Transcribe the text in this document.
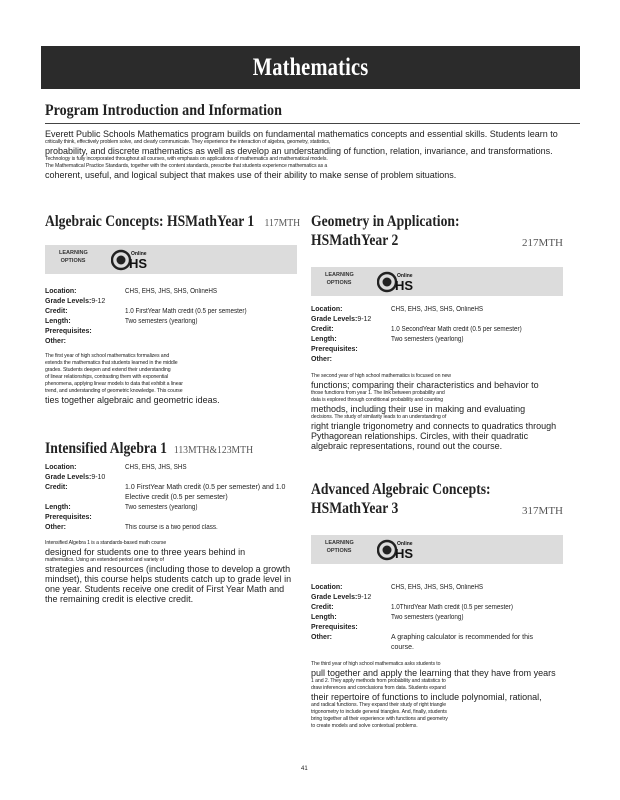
Mathematics
Program Introduction and Information
Everett Public Schools Mathematics program builds on fundamental mathematics concepts and essential skills. Students learn to
critically think, effectively problem solve, and clearly communicate. They experience the interaction of algebra, geometry, statistics,
probability, and discrete mathematics as well as develop an understanding of function, relation, invariance, and transformations.
Technology is fully incorporated throughout all courses, with emphasis on applications of mathematics and mathematical models.
The Mathematical Practice Standards, together with the content standards, prescribe that students experience mathematics as a
coherent, useful, and logical subject that makes use of their ability to make sense of problem situations.
Algebraic Concepts: HSMathYear 1 117MTH
LEARNING OPTIONS	HS
Online
Location:	CHS, EHS, JHS, SHS, OnlineHS
Grade Levels:9-12
Credit:	1.0 FirstYear Math credit (0.5 per semester)
Length:	Two semesters (yearlong)
Prerequisites:
Other:
The first year of high school mathematics formalizes and
extends the mathematics that students learned in the middle
grades. Students deepen and extend their understanding
of linear relationships, contrasting them with exponential
phenomena, applying linear models to data that exhibit a linear
trend, and understanding of geometric knowledge. This course
ties together algebraic and geometric ideas.
Intensified Algebra 1 113MTH&123MTH
Location:	CHS, EHS, JHS, SHS
Grade Levels:9-10
Credit:	1.0 FirstYear Math credit (0.5 per semester) and 1.0 Elective credit (0.5 per semester)
Length:	Two semesters (yearlong)
Prerequisites:
Other:	This course is a two period class.
Intensified Algebra 1 is a standards-based math course
designed for students one to three years behind in
mathematics. Using an extended period and variety of
strategies and resources (including those to develop a growth
mindset), this course helps students catch up to grade level in
one year. Students receive one credit of First Year Math and
the remaining credit is elective credit.
Geometry in Application:
HSMathYear 2	217MTH
LEARNING OPTIONS	HS
Online
Location:	CHS, EHS, JHS, SHS, OnlineHS
Grade Levels:9-12
Credit:	1.0 SecondYear Math credit (0.5 per semester)
Length:	Two semesters (yearlong)
Prerequisites:
Other:
The second year of high school mathematics is focused on new
functions; comparing their characteristics and behavior to
those functions from year 1. The link between probability and
data is explored through conditional probability and counting
methods, including their use in making and evaluating
decisions. The study of similarity leads to an understanding of
right triangle trigonometry and connects to quadratics through
Pythagorean relationships. Circles, with their quadratic
algebraic representations, round out the course.
Advanced Algebraic Concepts:
HSMathYear 3	317MTH
LEARNING OPTIONS	HS
Online
Location:	CHS, EHS, JHS, SHS, OnlineHS
Grade Levels:9-12
Credit:	1.0ThirdYear Math credit (0.5 per semester)
Length:	Two semesters (yearlong)
Prerequisites:
Other:	A graphing calculator is recommended for this course.
The third year of high school mathematics asks students to
pull together and apply the learning that they have from years
1 and 2. They apply methods from probability and statistics to
draw inferences and conclusions from data. Students expand
their repertoire of functions to include polynomial, rational,
and radical functions. They expand their study of right triangle
trigonometry to include general triangles. And, finally, students
bring together all their experience with functions and geometry
to create models and solve contextual problems.
41
